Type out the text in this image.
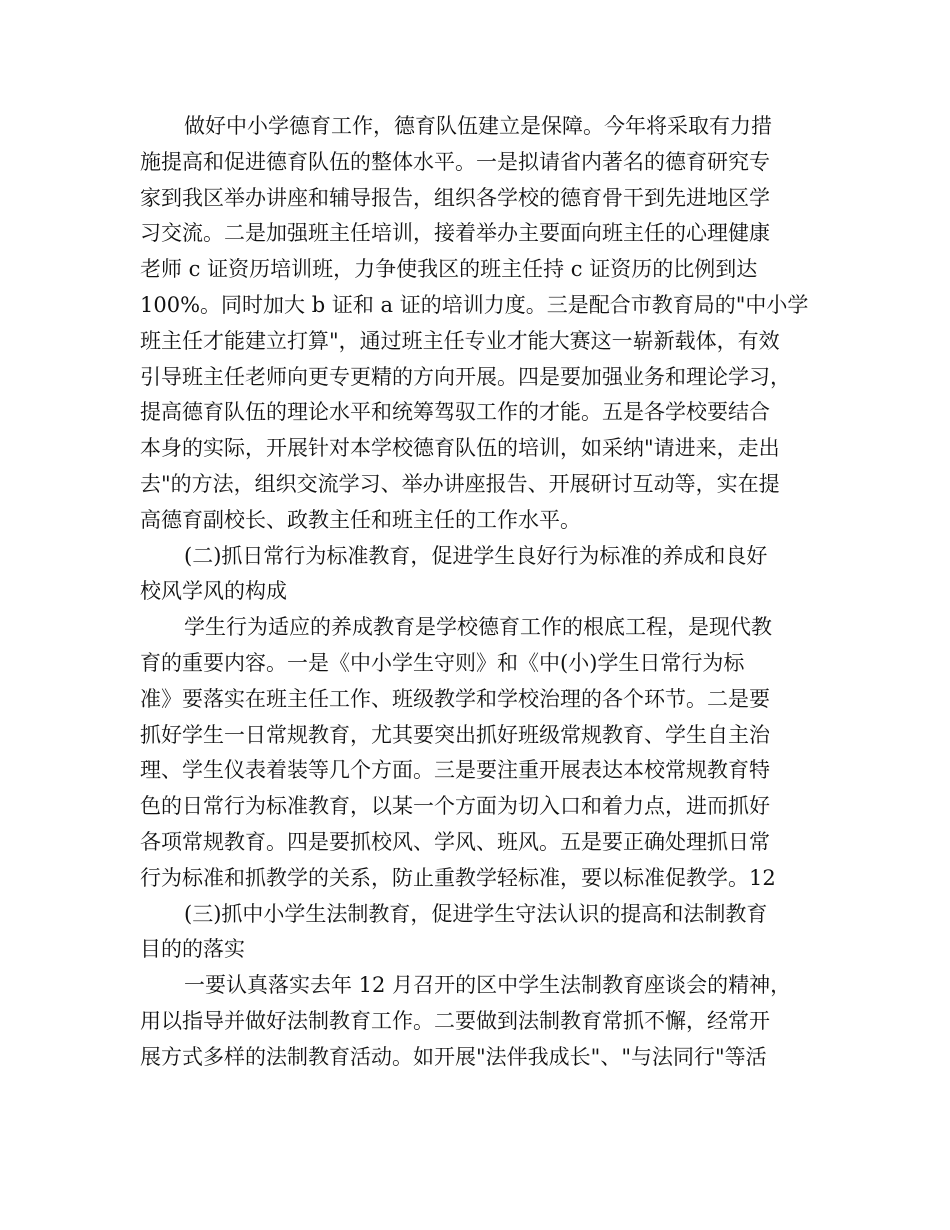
做好中小学德育工作，德育队伍建立是保障。今年将采取有力措
施提高和促进德育队伍的整体水平。一是拟请省内著名的德育研究专
家到我区举办讲座和辅导报告，组织各学校的德育骨干到先进地区学
习交流。二是加强班主任培训，接着举办主要面向班主任的心理健康
老师 c 证资历培训班，力争使我区的班主任持 c 证资历的比例到达
100%。同时加大 b 证和 a 证的培训力度。三是配合市教育局的"中小学
班主任才能建立打算"，通过班主任专业才能大赛这一崭新载体，有效
引导班主任老师向更专更精的方向开展。四是要加强业务和理论学习，
提高德育队伍的理论水平和统筹驾驭工作的才能。五是各学校要结合
本身的实际，开展针对本学校德育队伍的培训，如采纳"请进来，走出
去"的方法，组织交流学习、举办讲座报告、开展研讨互动等，实在提
高德育副校长、政教主任和班主任的工作水平。
(二)抓日常行为标准教育，促进学生良好行为标准的养成和良好
校风学风的构成
学生行为适应的养成教育是学校德育工作的根底工程，是现代教
育的重要内容。一是《中小学生守则》和《中(小)学生日常行为标
准》要落实在班主任工作、班级教学和学校治理的各个环节。二是要
抓好学生一日常规教育，尤其要突出抓好班级常规教育、学生自主治
理、学生仪表着装等几个方面。三是要注重开展表达本校常规教育特
色的日常行为标准教育，以某一个方面为切入口和着力点，进而抓好
各项常规教育。四是要抓校风、学风、班风。五是要正确处理抓日常
行为标准和抓教学的关系，防止重教学轻标准，要以标准促教学。12
(三)抓中小学生法制教育，促进学生守法认识的提高和法制教育
目的的落实
一要认真落实去年 12 月召开的区中学生法制教育座谈会的精神，
用以指导并做好法制教育工作。二要做到法制教育常抓不懈，经常开
展方式多样的法制教育活动。如开展"法伴我成长"、"与法同行"等活
